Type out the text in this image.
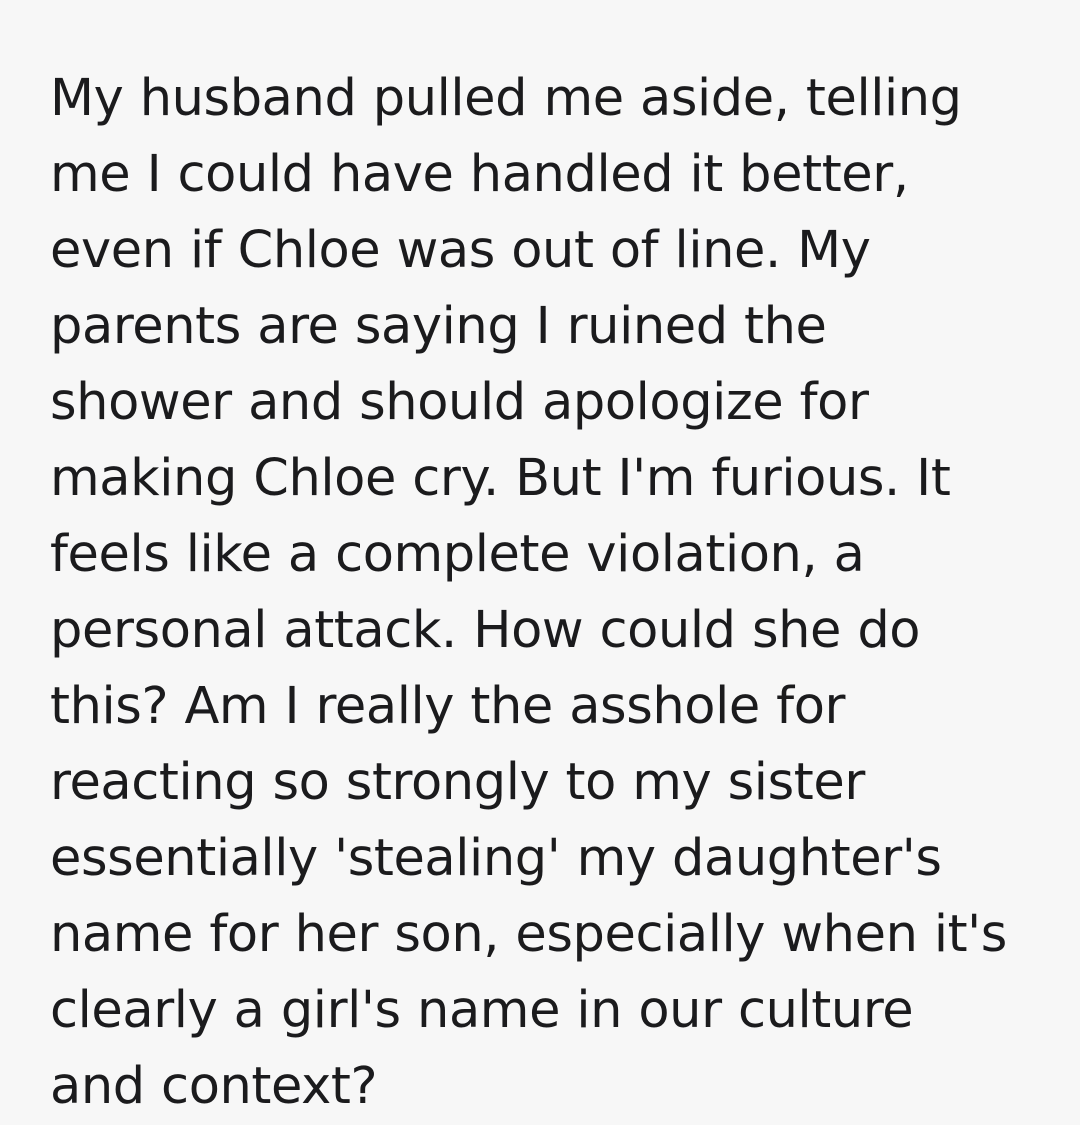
My husband pulled me aside, telling me I could have handled it better, even if Chloe was out of line. My parents are saying I ruined the shower and should apologize for making Chloe cry. But I'm furious. It feels like a complete violation, a personal attack. How could she do this? Am I really the asshole for reacting so strongly to my sister essentially 'stealing' my daughter's name for her son, especially when it's clearly a girl's name in our culture and context?
